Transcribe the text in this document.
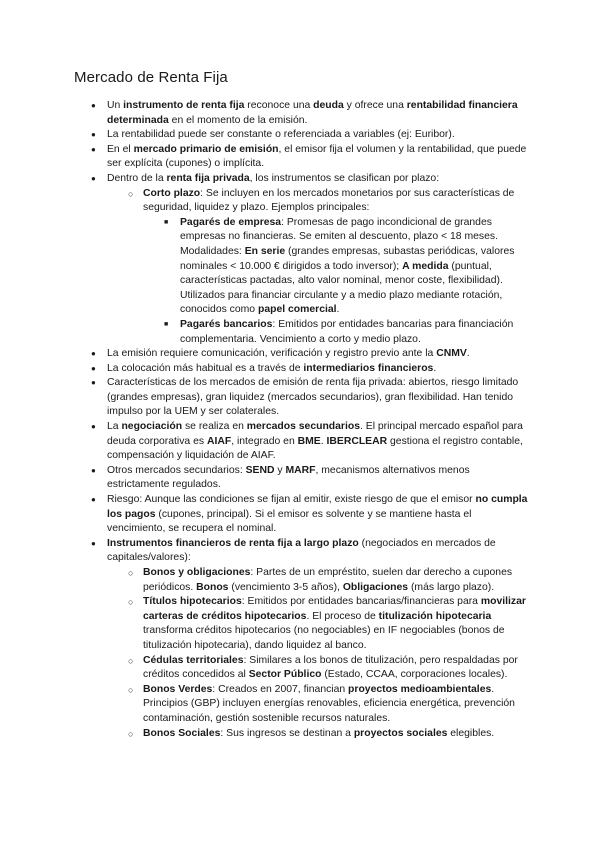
Mercado de Renta Fija
● Un instrumento de renta fija reconoce una deuda y ofrece una rentabilidad financiera determinada en el momento de la emisión.
● La rentabilidad puede ser constante o referenciada a variables (ej: Euribor).
● En el mercado primario de emisión, el emisor fija el volumen y la rentabilidad, que puede ser explícita (cupones) o implícita.
● Dentro de la renta fija privada, los instrumentos se clasifican por plazo:
○ Corto plazo: Se incluyen en los mercados monetarios por sus características de seguridad, liquidez y plazo. Ejemplos principales:
■ Pagarés de empresa: Promesas de pago incondicional de grandes empresas no financieras. Se emiten al descuento, plazo < 18 meses. Modalidades: En serie (grandes empresas, subastas periódicas, valores nominales < 10.000 € dirigidos a todo inversor); A medida (puntual, características pactadas, alto valor nominal, menor coste, flexibilidad). Utilizados para financiar circulante y a medio plazo mediante rotación, conocidos como papel comercial.
■ Pagarés bancarios: Emitidos por entidades bancarias para financiación complementaria. Vencimiento a corto y medio plazo.
● La emisión requiere comunicación, verificación y registro previo ante la CNMV.
● La colocación más habitual es a través de intermediarios financieros.
● Características de los mercados de emisión de renta fija privada: abiertos, riesgo limitado (grandes empresas), gran liquidez (mercados secundarios), gran flexibilidad. Han tenido impulso por la UEM y ser colaterales.
● La negociación se realiza en mercados secundarios. El principal mercado español para deuda corporativa es AIAF, integrado en BME. IBERCLEAR gestiona el registro contable, compensación y liquidación de AIAF.
● Otros mercados secundarios: SEND y MARF, mecanismos alternativos menos estrictamente regulados.
● Riesgo: Aunque las condiciones se fijan al emitir, existe riesgo de que el emisor no cumpla los pagos (cupones, principal). Si el emisor es solvente y se mantiene hasta el vencimiento, se recupera el nominal.
● Instrumentos financieros de renta fija a largo plazo (negociados en mercados de capitales/valores):
○ Bonos y obligaciones: Partes de un empréstito, suelen dar derecho a cupones periódicos. Bonos (vencimiento 3-5 años), Obligaciones (más largo plazo).
○ Títulos hipotecarios: Emitidos por entidades bancarias/financieras para movilizar carteras de créditos hipotecarios. El proceso de titulización hipotecaria transforma créditos hipotecarios (no negociables) en IF negociables (bonos de titulización hipotecaria), dando liquidez al banco.
○ Cédulas territoriales: Similares a los bonos de titulización, pero respaldadas por créditos concedidos al Sector Público (Estado, CCAA, corporaciones locales).
○ Bonos Verdes: Creados en 2007, financian proyectos medioambientales. Principios (GBP) incluyen energías renovables, eficiencia energética, prevención contaminación, gestión sostenible recursos naturales.
○ Bonos Sociales: Sus ingresos se destinan a proyectos sociales elegibles.
